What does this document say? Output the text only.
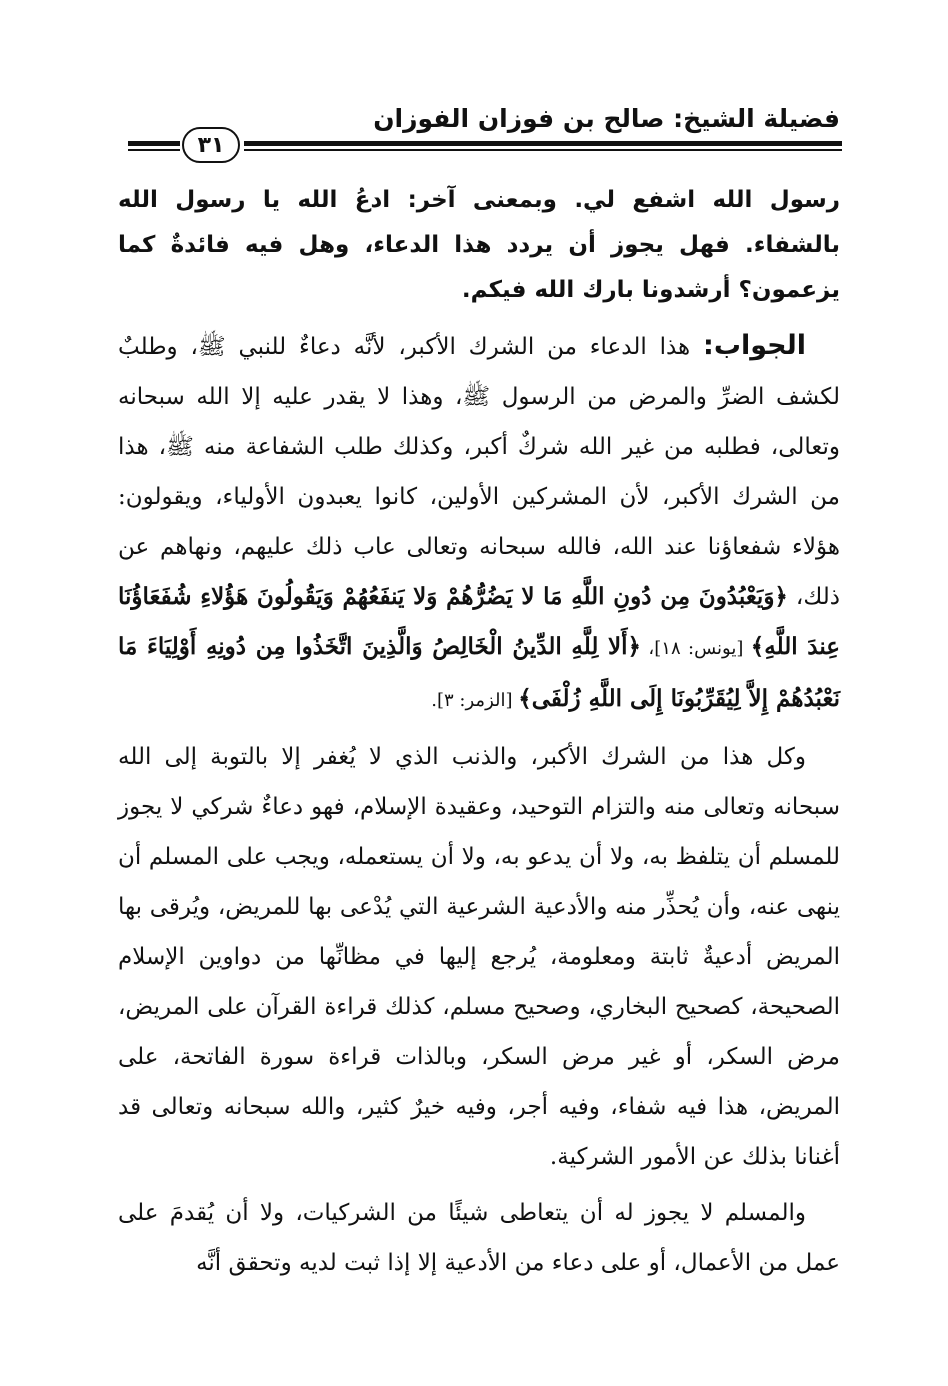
فضيلة الشيخ: صالح بن فوزان الفوزان
٣١

رسول الله اشفع لي. وبمعنى آخر: ادعُ الله يا رسول الله بالشفاء. فهل يجوز أن يردد هذا الدعاء، وهل فيه فائدةٌ كما يزعمون؟ أرشدونا بارك الله فيكم.

الجواب: هذا الدعاء من الشرك الأكبر، لأنَّه دعاءٌ للنبي ﷺ، وطلبٌ لكشف الضرِّ والمرض من الرسول ﷺ، وهذا لا يقدر عليه إلا الله سبحانه وتعالى، فطلبه من غير الله شركٌ أكبر، وكذلك طلب الشفاعة منه ﷺ، هذا من الشرك الأكبر، لأن المشركين الأولين، كانوا يعبدون الأولياء، ويقولون: هؤلاء شفعاؤنا عند الله، فالله سبحانه وتعالى عاب ذلك عليهم، ونهاهم عن ذلك، ﴿وَيَعْبُدُونَ مِن دُونِ اللَّهِ مَا لا يَضُرُّهُمْ وَلا يَنفَعُهُمْ وَيَقُولُونَ هَؤُلاءِ شُفَعَاؤُنَا عِندَ اللَّهِ﴾ [يونس: ١٨]، ﴿أَلا لِلَّهِ الدِّينُ الْخَالِصُ وَالَّذِينَ اتَّخَذُوا مِن دُونِهِ أَوْلِيَاءَ مَا نَعْبُدُهُمْ إِلاَّ لِيُقَرِّبُونَا إِلَى اللَّهِ زُلْفَى﴾ [الزمر: ٣].

وكل هذا من الشرك الأكبر، والذنب الذي لا يُغفر إلا بالتوبة إلى الله سبحانه وتعالى منه والتزام التوحيد، وعقيدة الإسلام، فهو دعاءٌ شركي لا يجوز للمسلم أن يتلفظ به، ولا أن يدعو به، ولا أن يستعمله، ويجب على المسلم أن ينهى عنه، وأن يُحذِّر منه والأدعية الشرعية التي يُدْعى بها للمريض، ويُرقى بها المريض أدعيةٌ ثابتة ومعلومة، يُرجع إليها في مظانِّها من دواوين الإسلام الصحيحة، كصحيح البخاري، وصحيح مسلم، كذلك قراءة القرآن على المريض، مرض السكر، أو غير مرض السكر، وبالذات قراءة سورة الفاتحة، على المريض، هذا فيه شفاء، وفيه أجر، وفيه خيرٌ كثير، والله سبحانه وتعالى قد أغنانا بذلك عن الأمور الشركية.

والمسلم لا يجوز له أن يتعاطى شيئًا من الشركيات، ولا أن يُقدمَ على عمل من الأعمال، أو على دعاء من الأدعية إلا إذا ثبت لديه وتحقق أنَّه
